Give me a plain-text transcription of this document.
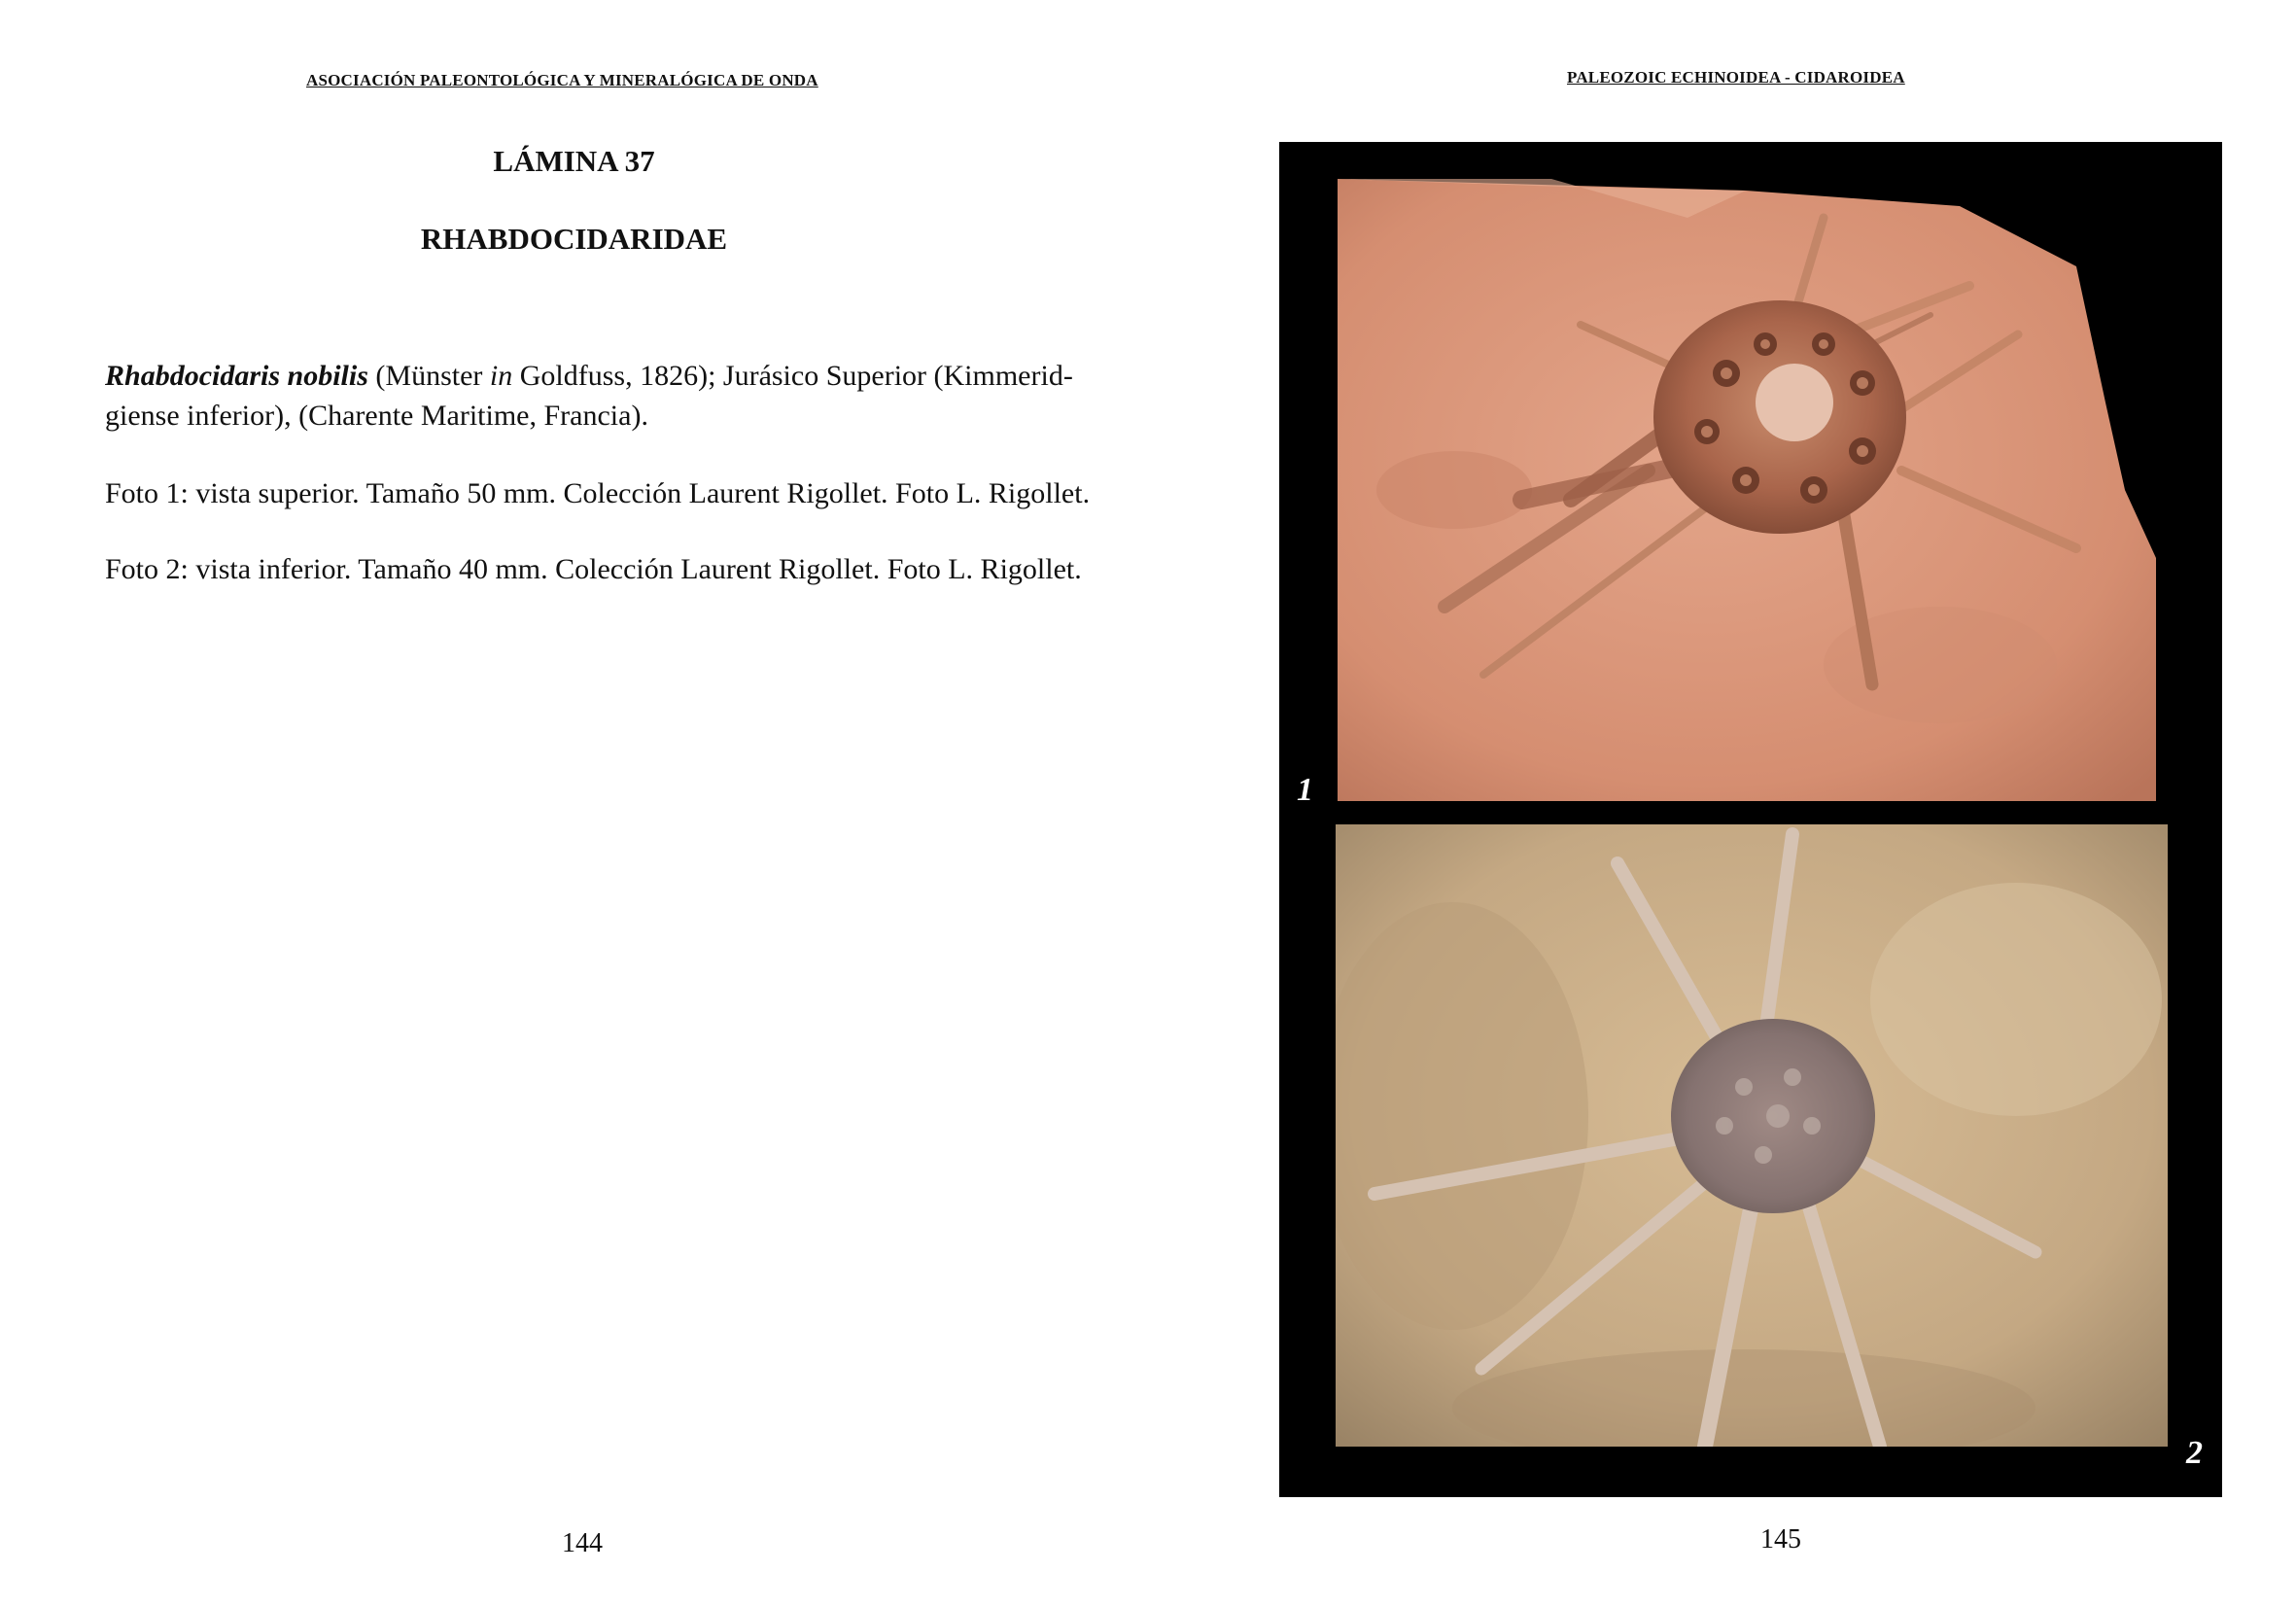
ASOCIACIÓN PALEONTOLÓGICA Y MINERALÓGICA DE ONDA
LÁMINA 37
RHABDOCIDARIDAE
Rhabdocidaris nobilis (Münster in Goldfuss, 1826); Jurásico Superior (Kimmerid-
giense inferior), (Charente Maritime, Francia).
Foto 1: vista superior. Tamaño 50 mm. Colección Laurent Rigollet. Foto L. Rigollet.
Foto 2: vista inferior. Tamaño 40 mm. Colección Laurent Rigollet. Foto L. Rigollet.
144
PALEOZOIC ECHINOIDEA - CIDAROIDEA
1
2
145
